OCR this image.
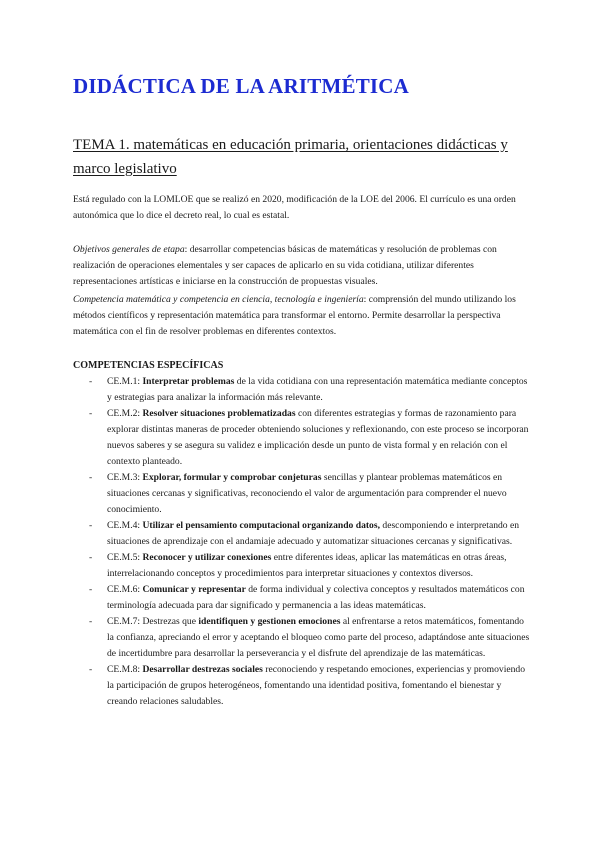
DIDÁCTICA DE LA ARITMÉTICA
TEMA 1. matemáticas en educación primaria, orientaciones didácticas y marco legislativo
Está regulado con la LOMLOE que se realizó en 2020, modificación de la LOE del 2006. El currículo es una orden autonómica que lo dice el decreto real, lo cual es estatal.
Objetivos generales de etapa: desarrollar competencias básicas de matemáticas y resolución de problemas con realización de operaciones elementales y ser capaces de aplicarlo en su vida cotidiana, utilizar diferentes representaciones artísticas e iniciarse en la construcción de propuestas visuales.
Competencia matemática y competencia en ciencia, tecnología e ingeniería: comprensión del mundo utilizando los métodos científicos y representación matemática para transformar el entorno. Permite desarrollar la perspectiva matemática con el fin de resolver problemas en diferentes contextos.
COMPETENCIAS ESPECÍFICAS
- CE.M.1: Interpretar problemas de la vida cotidiana con una representación matemática mediante conceptos y estrategias para analizar la información más relevante.
- CE.M.2: Resolver situaciones problematizadas con diferentes estrategias y formas de razonamiento para explorar distintas maneras de proceder obteniendo soluciones y reflexionando, con este proceso se incorporan nuevos saberes y se asegura su validez e implicación desde un punto de vista formal y en relación con el contexto planteado.
- CE.M.3: Explorar, formular y comprobar conjeturas sencillas y plantear problemas matemáticos en situaciones cercanas y significativas, reconociendo el valor de argumentación para comprender el nuevo conocimiento.
- CE.M.4: Utilizar el pensamiento computacional organizando datos, descomponiendo e interpretando en situaciones de aprendizaje con el andamiaje adecuado y automatizar situaciones cercanas y significativas.
- CE.M.5: Reconocer y utilizar conexiones entre diferentes ideas, aplicar las matemáticas en otras áreas, interrelacionando conceptos y procedimientos para interpretar situaciones y contextos diversos.
- CE.M.6: Comunicar y representar de forma individual y colectiva conceptos y resultados matemáticos con terminología adecuada para dar significado y permanencia a las ideas matemáticas.
- CE.M.7: Destrezas que identifiquen y gestionen emociones al enfrentarse a retos matemáticos, fomentando la confianza, apreciando el error y aceptando el bloqueo como parte del proceso, adaptándose ante situaciones de incertidumbre para desarrollar la perseverancia y el disfrute del aprendizaje de las matemáticas.
- CE.M.8: Desarrollar destrezas sociales reconociendo y respetando emociones, experiencias y promoviendo la participación de grupos heterogéneos, fomentando una identidad positiva, fomentando el bienestar y creando relaciones saludables.
